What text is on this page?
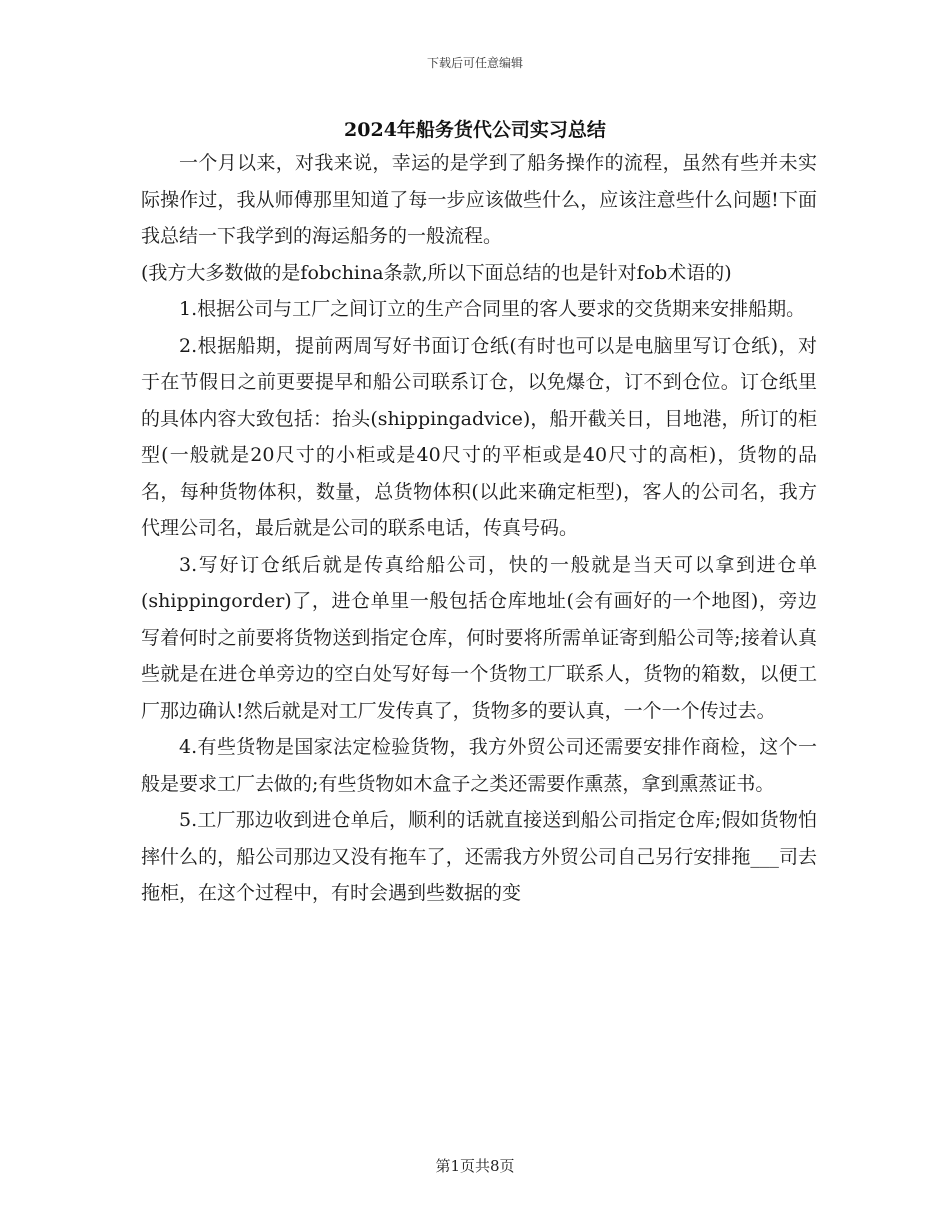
下载后可任意编辑
2024年船务货代公司实习总结

一个月以来，对我来说，幸运的是学到了船务操作的流程，虽然有些并未实际操作过，我从师傅那里知道了每一步应该做些什么，应该注意些什么问题!下面我总结一下我学到的海运船务的一般流程。

(我方大多数做的是fobchina条款,所以下面总结的也是针对fob术语的)

1.根据公司与工厂之间订立的生产合同里的客人要求的交货期来安排船期。

2.根据船期，提前两周写好书面订仓纸(有时也可以是电脑里写订仓纸)，对于在节假日之前更要提早和船公司联系订仓，以免爆仓，订不到仓位。订仓纸里的具体内容大致包括：抬头(shippingadvice)，船开截关日，目地港，所订的柜型(一般就是20尺寸的小柜或是40尺寸的平柜或是40尺寸的高柜)，货物的品名，每种货物体积，数量，总货物体积(以此来确定柜型)，客人的公司名，我方代理公司名，最后就是公司的联系电话，传真号码。

3.写好订仓纸后就是传真给船公司，快的一般就是当天可以拿到进仓单(shippingorder)了，进仓单里一般包括仓库地址(会有画好的一个地图)，旁边写着何时之前要将货物送到指定仓库，何时要将所需单证寄到船公司等;接着认真些就是在进仓单旁边的空白处写好每一个货物工厂联系人，货物的箱数，以便工厂那边确认!然后就是对工厂发传真了，货物多的要认真，一个一个传过去。

4.有些货物是国家法定检验货物，我方外贸公司还需要安排作商检，这个一般是要求工厂去做的;有些货物如木盒子之类还需要作熏蒸，拿到熏蒸证书。

5.工厂那边收到进仓单后，顺利的话就直接送到船公司指定仓库;假如货物怕摔什么的，船公司那边又没有拖车了，还需我方外贸公司自己另行安排拖___司去拖柜，在这个过程中，有时会遇到些数据的变

第1页共8页
